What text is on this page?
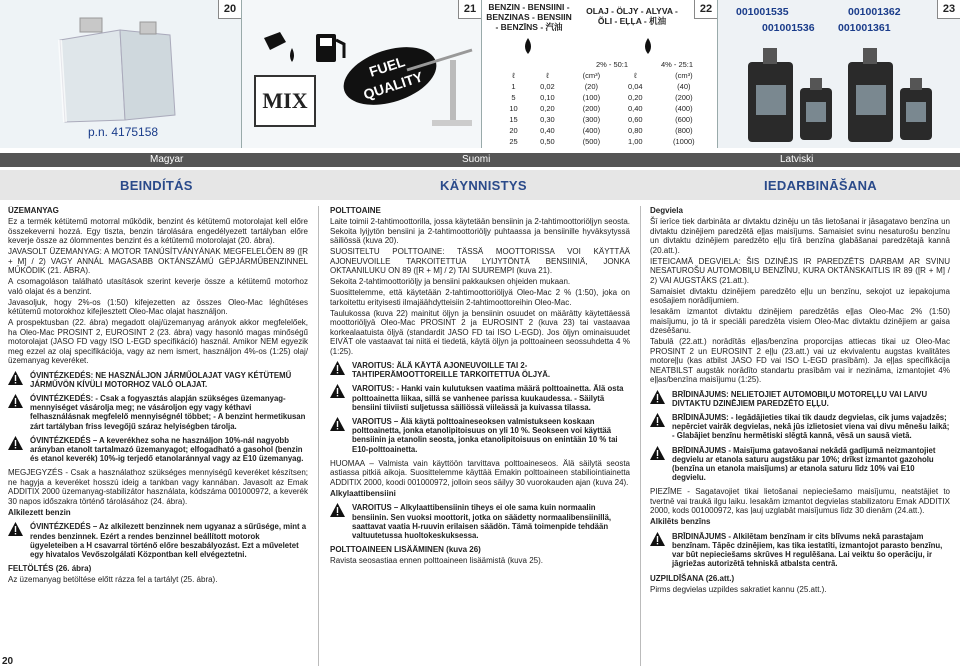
20
p.n. 4175158
21
MIX
FUEL QUALITY
22
BENZIN - BENSIINI - BENZINAS - BENSIIN - BENZĪNS - 汽油
OLAJ - ÖLJY - ALYVA - ÕLI - EĻĻA - 机油
2% - 50:1	4% - 25:1
ℓ	ℓ	(cm³)	ℓ	(cm³)
1	0,02	(20)	0,04	(40)
5	0,10	(100)	0,20	(200)
10	0,20	(200)	0,40	(400)
15	0,30	(300)	0,60	(600)
20	0,40	(400)	0,80	(800)
25	0,50	(500)	1,00	(1000)
23
001001535
001001536
001001362
001001361
Magyar	Suomi	Latviski
BEINDÍTÁS	KÄYNNISTYS	IEDARBINĀŠANA

ÜZEMANYAG

Ez a termék kétütemű motorral működik, benzint és kétütemű motorolajat kell előre összekeverni hozzá. Egy tiszta, benzin tárolására engedélyezett tartályban előre keverje össze az ólommentes benzint és a kétütemű motorolajat (20. ábra).

JAVASOLT ÜZEMANYAG: A MOTOR TANÚSÍTVÁNYÁNAK MEGFELELŐEN 89 ([R + M] / 2) VAGY ANNÁL MAGASABB OKTÁNSZÁMÚ GÉPJÁRMŰBENZINNEL MŰKÖDIK (21. ÁBRA).

A csomagoláson található utasítások szerint keverje össze a kétütemű motorhoz való olajat és a benzint.

Javasoljuk, hogy 2%-os (1:50) kifejezetten az összes Oleo-Mac léghűtéses kétütemű motorokhoz kifejlesztett Oleo-Mac olajat használjon.

A prospektusban (22. ábra) megadott olaj/üzemanyag arányok akkor megfelelőek, ha Oleo-Mac PROSINT 2, EUROSINT 2 (23. ábra) vagy hasonló magas minőségű motorolajat (JASO FD vagy ISO L-EGD specifikáció) használ. Amikor NEM egyezik meg ezzel az olaj specifikációja, vagy az nem ismert, használjon 4%-os (1:25) olaj/üzemanyag keveréket.

ÓVINTÉZKEDÉS: NE HASZNÁLJON JÁRMŰOLAJAT VAGY KÉTÜTEMŰ JÁRMŰVÖN KÍVÜLI MOTORHOZ VALÓ OLAJAT.
ÓVINTÉZKEDÉS: - Csak a fogyasztás alapján szükséges üzemanyag-mennyiséget vásárolja meg; ne vásároljon egy vagy kéthavi felhasználásnak megfelelő mennyiségnél többet; - A benzint hermetikusan zárt tartályban friss levegőjű száraz helyiségben tárolja.
ÓVINTÉZKEDÉS – A keverékhez soha ne használjon 10%-nál nagyobb arányban etanolt tartalmazó üzemanyagot; elfogadható a gasohol (benzin és etanol keverék) 10%-ig terjedő etanolaránnyal vagy az E10 üzemanyag.

MEGJEGYZÉS - Csak a használathoz szükséges mennyiségű keveréket készítsen; ne hagyja a keveréket hosszú ideig a tankban vagy kannában. Javasolt az Emak ADDITIX 2000 üzemanyag-stabilizátor használata, kódszáma 001000972, a keverék 30 napos időszakra történő tárolásához (24. ábra).

Alkilezett benzin

ÓVINTÉZKEDÉS – Az alkilezett benzinnek nem ugyanaz a sűrűsége, mint a rendes benzinnek. Ezért a rendes benzinnel beállított motorok ügyeleteiben a H csavarral történő előre beszabályozást. Ezt a műveletet egy hivatalos Vevőszolgálati Központban kell elvégeztetni.

FELTÖLTÉS (26. ábra)

Az üzemanyag betöltése előtt rázza fel a tartályt (25. ábra).

POLTTOAINE

Laite toimii 2-tahtimoottorilla, jossa käytetään bensiinin ja 2-tahtimoottoriöljyn seosta. Sekoita lyijytön bensiini ja 2-tahtimoottoriöljy puhtaassa ja bensiinille hyväksytyssä säiliössä (kuva 20).

SUOSITELTU POLTTOAINE: TÄSSÄ MOOTTORISSA VOI KÄYTTÄÄ AJONEUVOILLE TARKOITETTUA LYIJYTÖNTÄ BENSIINIÄ, JONKA OKTAANILUKU ON 89 ([R + M] / 2) TAI SUUREMPI (kuva 21).

Sekoita 2-tahtimoottoriöljy ja bensiini pakkauksen ohjeiden mukaan.

Suosittelemme, että käytetään 2-tahtimoottoriöljyä Oleo-Mac 2 % (1:50), joka on tarkoitettu erityisesti ilmajäähdytteisiin 2-tahtimoottoreihin Oleo-Mac.

Taulukossa (kuva 22) mainitut öljyn ja bensiinin osuudet on määrätty käytettäessä moottoriöljyä Oleo-Mac PROSINT 2 ja EUROSINT 2 (kuva 23) tai vastaavaa korkealaatuista öljyä (standardit JASO FD tai ISO L-EGD). Jos öljyn ominaisuudet EIVÄT ole vastaavat tai niitä ei tiedetä, käytä öljyn ja polttoaineen seossuhdetta 4 % (1:25).

VAROITUS: ÄLÄ KÄYTÄ AJONEUVOILLE TAI 2-TAHTIPERÄMOOTTOREILLE TARKOITETTUA ÖLJYÄ.
VAROITUS: - Hanki vain kulutuksen vaatima määrä polttoainetta. Älä osta polttoainetta liikaa, sillä se vanhenee parissa kuukaudessa. - Säilytä bensiini tiiviisti suljetussa säiliössä viileässä ja kuivassa tilassa.
VAROITUS – Älä käytä polttoaineseoksen valmistukseen koskaan polttoainetta, jonka etanolipitoisuus on yli 10 %. Seokseen voi käyttää bensiinin ja etanolin seosta, jonka etanolipitoisuus on enintään 10 % tai E10-polttoainetta.

HUOMAA – Valmista vain käyttöön tarvittava polttoaineseos. Älä säilytä seosta astiassa pitkiä aikoja. Suosittelemme käyttää Emakin polttoaineen stabiliointiainetta ADDITIX 2000, koodi 001000972, jolloin seos säilyy 30 vuorokauden ajan (kuva 24).

Alkylaattibensiini

VAROITUS – Alkylaattibensiinin tiheys ei ole sama kuin normaalin bensiinin. Sen vuoksi moottorit, jotka on säädetty normaalibensiinillä, saattavat vaatia H-ruuvin erilaisen säädön. Tämä toimenpide tehdään valtuutetussa huoltokeskuksessa.

POLTTOAINEEN LISÄÄMINEN (kuva 26)

Ravista seosastiaa ennen polttoaineen lisäämistä (kuva 25).

Degviela

Šī ierīce tiek darbināta ar divtaktu dzinēju un tās lietošanai ir jāsagatavo benzīna un divtaktu dzinējiem paredzētā eļļas maisījums. Samaisiet svinu nesaturošu benzīnu un divtaktu dzinējiem paredzēto eļļu tīrā benzīna glabāšanai paredzētajā kannā (20.att.).

IETEICAMĀ DEGVIELA: ŠIS DZINĒJS IR PAREDZĒTS DARBAM AR SVINU NESATUROŠU AUTOMOBIĻU BENZĪNU, KURA OKTĀNSKAITLIS IR 89 ([R + M] / 2) VAI AUGSTĀKS (21.att.).

Samaisiet divtaktu dzinējiem paredzēto eļļu un benzīnu, sekojot uz iepakojuma esošajiem norādījumiem.

Iesakām izmantot divtaktu dzinējiem paredzētās eļļas Oleo-Mac 2% (1:50) maisījumu, jo tā ir speciāli paredzēta visiem Oleo-Mac divtaktu dzinējiem ar gaisa dzesēšanu.

Tabulā (22.att.) norādītās eļļas/benzīna proporcijas attiecas tikai uz Oleo-Mac PROSINT 2 un EUROSINT 2 eļļu (23.att.) vai uz ekvivalentu augstas kvalitātes motoreļļu (kas atbilst JASO FD vai ISO L-EGD prasībām). Ja eļļas specifikācija NEATBILST augstāk norādīto standartu prasībām vai ir nezināma, izmantojiet 4% eļļas/benzīna maisījumu (1:25).

BRĪDINĀJUMS: NELIETOJIET AUTOMOBIĻU MOTOREĻĻU VAI LAIVU DIVTAKTU DZINĒJIEM PAREDZĒTO EĻĻU.
BRĪDINĀJUMS: - Iegādājieties tikai tik daudz degvielas, cik jums vajadzēs; nepērciet vairāk degvielas, nekā jūs izlietosiet viena vai divu mēnešu laikā; - Glabājiet benzīnu hermētiski slēgtā kannā, vēsā un sausā vietā.
BRĪDINĀJUMS - Maisījuma gatavošanai nekādā gadījumā neizmantojiet degvielu ar etanola saturu augstāku par 10%; drīkst izmantot gazoholu (benzīna un etanola maisījums) ar etanola saturu līdz 10% vai E10 degvielu.

PIEZĪME - Sagatavojiet tikai lietošanai nepieciešamo maisījumu, neatstājiet to tvertnē vai traukā ilgu laiku. Iesakām izmantot degvielas stabilizatoru Emak ADDITIX 2000, kods 001000972, kas ļauj uzglabāt maisījumus līdz 30 dienām (24.att.).

Alkilēts benzīns

BRĪDINĀJUMS - Alkilētam benzīnam ir cits blīvums nekā parastajam benzīnam. Tāpēc dzinējiem, kas tika iestatīti, izmantojot parasto benzīnu, var būt nepieciešams skrūves H regulēšana. Lai veiktu šo operāciju, ir jāgriežas autorizētā tehniskā atbalsta centrā.

UZPILDĪŠANA (26.att.)

Pirms degvielas uzpildes sakratiet kannu (25.att.).

20
